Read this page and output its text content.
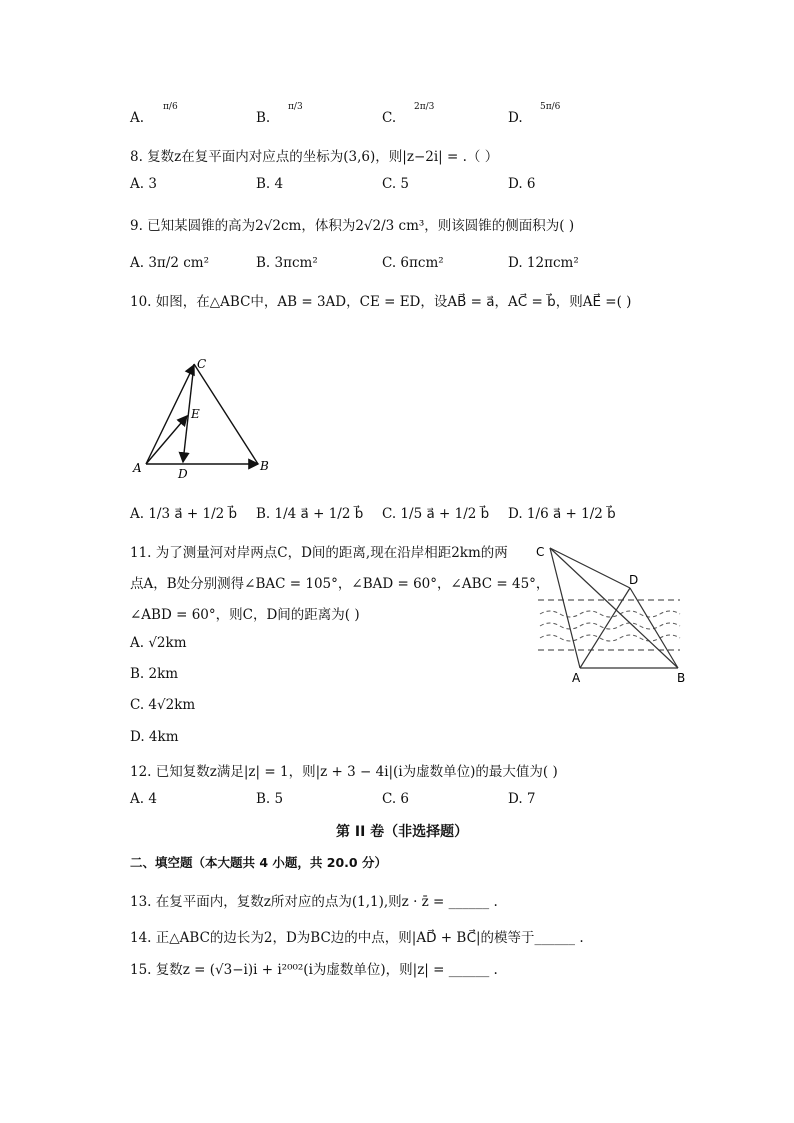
A.
π/6
B.
π/3
C.
2π/3
D.
5π/6
8. 复数z在复平面内对应点的坐标为(3,6)，则|z−2i| = .（ ）
A. 3	B. 4	C. 5	D. 6
9. 已知某圆锥的高为2√2cm，体积为2√2/3 cm³，则该圆锥的侧面积为( )
A. 3π/2 cm²	B. 3πcm²	C. 6πcm²	D. 12πcm²
10. 如图，在△ABC中，AB = 3AD，CE = ED，设AB⃗ = a⃗，AC⃗ = b⃗，则AE⃗ =( )
C
E
A	D
B
A. 1/3 a⃗ + 1/2 b⃗ B. 1/4 a⃗ + 1/2 b⃗ C. 1/5 a⃗ + 1/2 b⃗ D. 1/6 a⃗ + 1/2 b⃗
11. 为了测量河对岸两点C，D间的距离,现在沿岸相距2km的两
点A，B处分别测得∠BAC = 105°，∠BAD = 60°，∠ABC = 45°，
∠ABD = 60°，则C，D间的距离为( )
A. √2km
B. 2km
C. 4√2km
D. 4km
C
D
A	B
12. 已知复数z满足|z| = 1，则|z + 3 − 4i|(i为虚数单位)的最大值为( )
A. 4	B. 5	C. 6	D. 7
第 II 卷（非选择题）
二、填空题（本大题共 4 小题，共 20.0 分）
13. 在复平面内，复数z所对应的点为(1,1),则z · z̄ = ______ .
14. 正△ABC的边长为2，D为BC边的中点，则|AD⃗ + BC⃗|的模等于______ .
15. 复数z = (√3−i)i + i²⁰⁰²(i为虚数单位)，则|z| = ______ .
